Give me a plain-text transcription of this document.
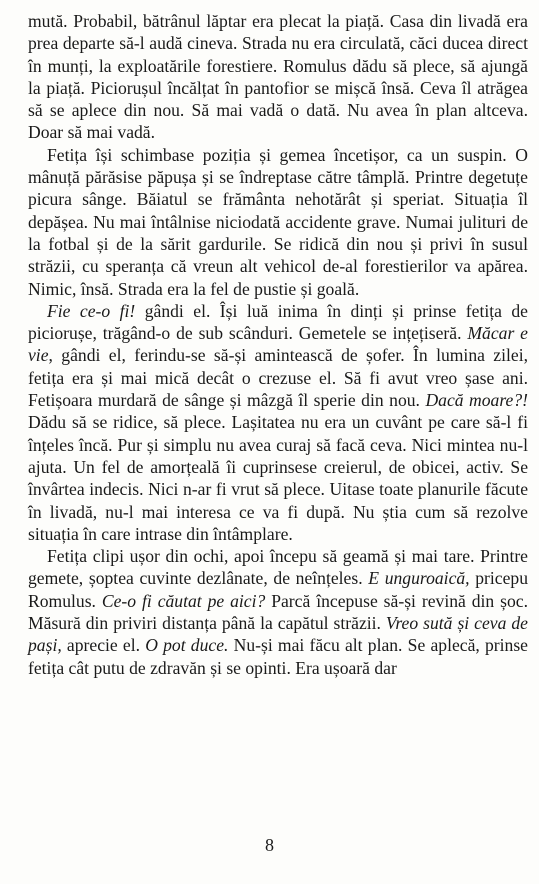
mută. Probabil, bătrânul lăptar era plecat la piață. Casa din livadă era prea departe să-l audă cineva. Strada nu era circulată, căci ducea direct în munți, la exploatările forestiere. Romulus dădu să plece, să ajungă la piață. Piciorușul încălțat în pantofior se mișcă însă. Ceva îl atrăgea să se aplece din nou. Să mai vadă o dată. Nu avea în plan altceva. Doar să mai vadă.

Fetița își schimbase poziția și gemea încetișor, ca un suspin. O mânuță părăsise păpușa și se îndreptase către tâmplă. Printre degetuțe picura sânge. Băiatul se frământa nehotărât și speriat. Situația îl depășea. Nu mai întâlnise niciodată accidente grave. Numai julituri de la fotbal și de la sărit gardurile. Se ridică din nou și privi în susul străzii, cu speranța că vreun alt vehicol de-al forestierilor va apărea. Nimic, însă. Strada era la fel de pustie și goală.

Fie ce-o fi! gândi el. Își luă inima în dinți și prinse fetița de piciorușe, trăgând-o de sub scânduri. Gemetele se ințețiseră. Măcar e vie, gândi el, ferindu-se să-și amintească de șofer. În lumina zilei, fetița era și mai mică decât o crezuse el. Să fi avut vreo șase ani. Fetișoara murdară de sânge și mâzgă îl sperie din nou. Dacă moare?! Dădu să se ridice, să plece. Lașitatea nu era un cuvânt pe care să-l fi înțeles încă. Pur și simplu nu avea curaj să facă ceva. Nici mintea nu-l ajuta. Un fel de amorțeală îi cuprinsese creierul, de obicei, activ. Se învârtea indecis. Nici n-ar fi vrut să plece. Uitase toate planurile făcute în livadă, nu-l mai interesa ce va fi după. Nu știa cum să rezolve situația în care intrase din întâmplare.

Fetița clipi ușor din ochi, apoi începu să geamă și mai tare. Printre gemete, șoptea cuvinte dezlânate, de neînțeles. E unguroaică, pricepu Romulus. Ce-o fi căutat pe aici? Parcă începuse să-și revină din șoc. Măsură din priviri distanța până la capătul străzii. Vreo sută și ceva de pași, aprecie el. O pot duce. Nu-și mai făcu alt plan. Se aplecă, prinse fetița cât putu de zdravăn și se opinti. Era ușoară dar

8
